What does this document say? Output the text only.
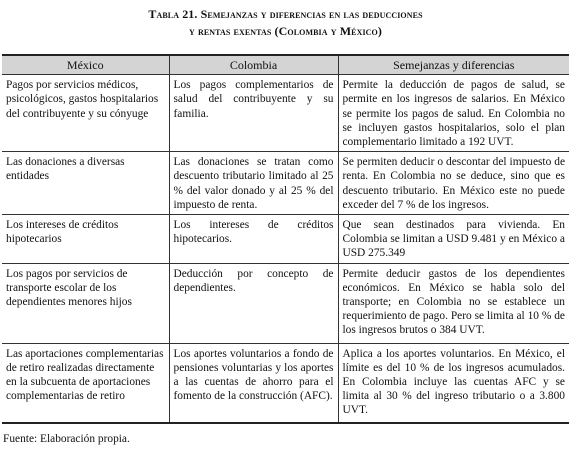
Tabla 21. Semejanzas y diferencias en las deducciones
y rentas exentas (Colombia y México)
México	Colombia	Semejanzas y diferencias
Pagos por servicios médicos, psicológicos, gastos hospitalarios del contribuyente y su cónyuge	Los pagos complementarios de salud del contribuyente y su familia.	Permite la deducción de pagos de salud, se permite en los ingresos de salarios. En México se permite los pagos de salud. En Colombia no se incluyen gastos hospitalarios, solo el plan complementario limitado a 192 UVT.
Las donaciones a diversas entidades	Las donaciones se tratan como descuento tributario limitado al 25 % del valor donado y al 25 % del impuesto de renta.	Se permiten deducir o descontar del impuesto de renta. En Colombia no se deduce, sino que es descuento tributario. En México este no puede exceder del 7 % de los ingresos.
Los intereses de créditos hipotecarios	Los intereses de créditos hipotecarios.	Que sean destinados para vivienda. En Colombia se limitan a USD 9.481 y en México a USD 275.349
Los pagos por servicios de transporte escolar de los dependientes menores hijos	Deducción por concepto de dependientes.	Permite deducir gastos de los dependientes económicos. En México se habla solo del transporte; en Colombia no se establece un requerimiento de pago. Pero se limita al 10 % de los ingresos brutos o 384 UVT.
Las aportaciones complementarias de retiro realizadas directamente en la subcuenta de aportaciones complementarias de retiro	Los aportes voluntarios a fondo de pensiones voluntarias y los aportes a las cuentas de ahorro para el fomento de la construcción (AFC).	Aplica a los aportes voluntarios. En México, el límite es del 10 % de los ingresos acumulados. En Colombia incluye las cuentas AFC y se limita al 30 % del ingreso tributario o a 3.800 UVT.
Fuente: Elaboración propia.
